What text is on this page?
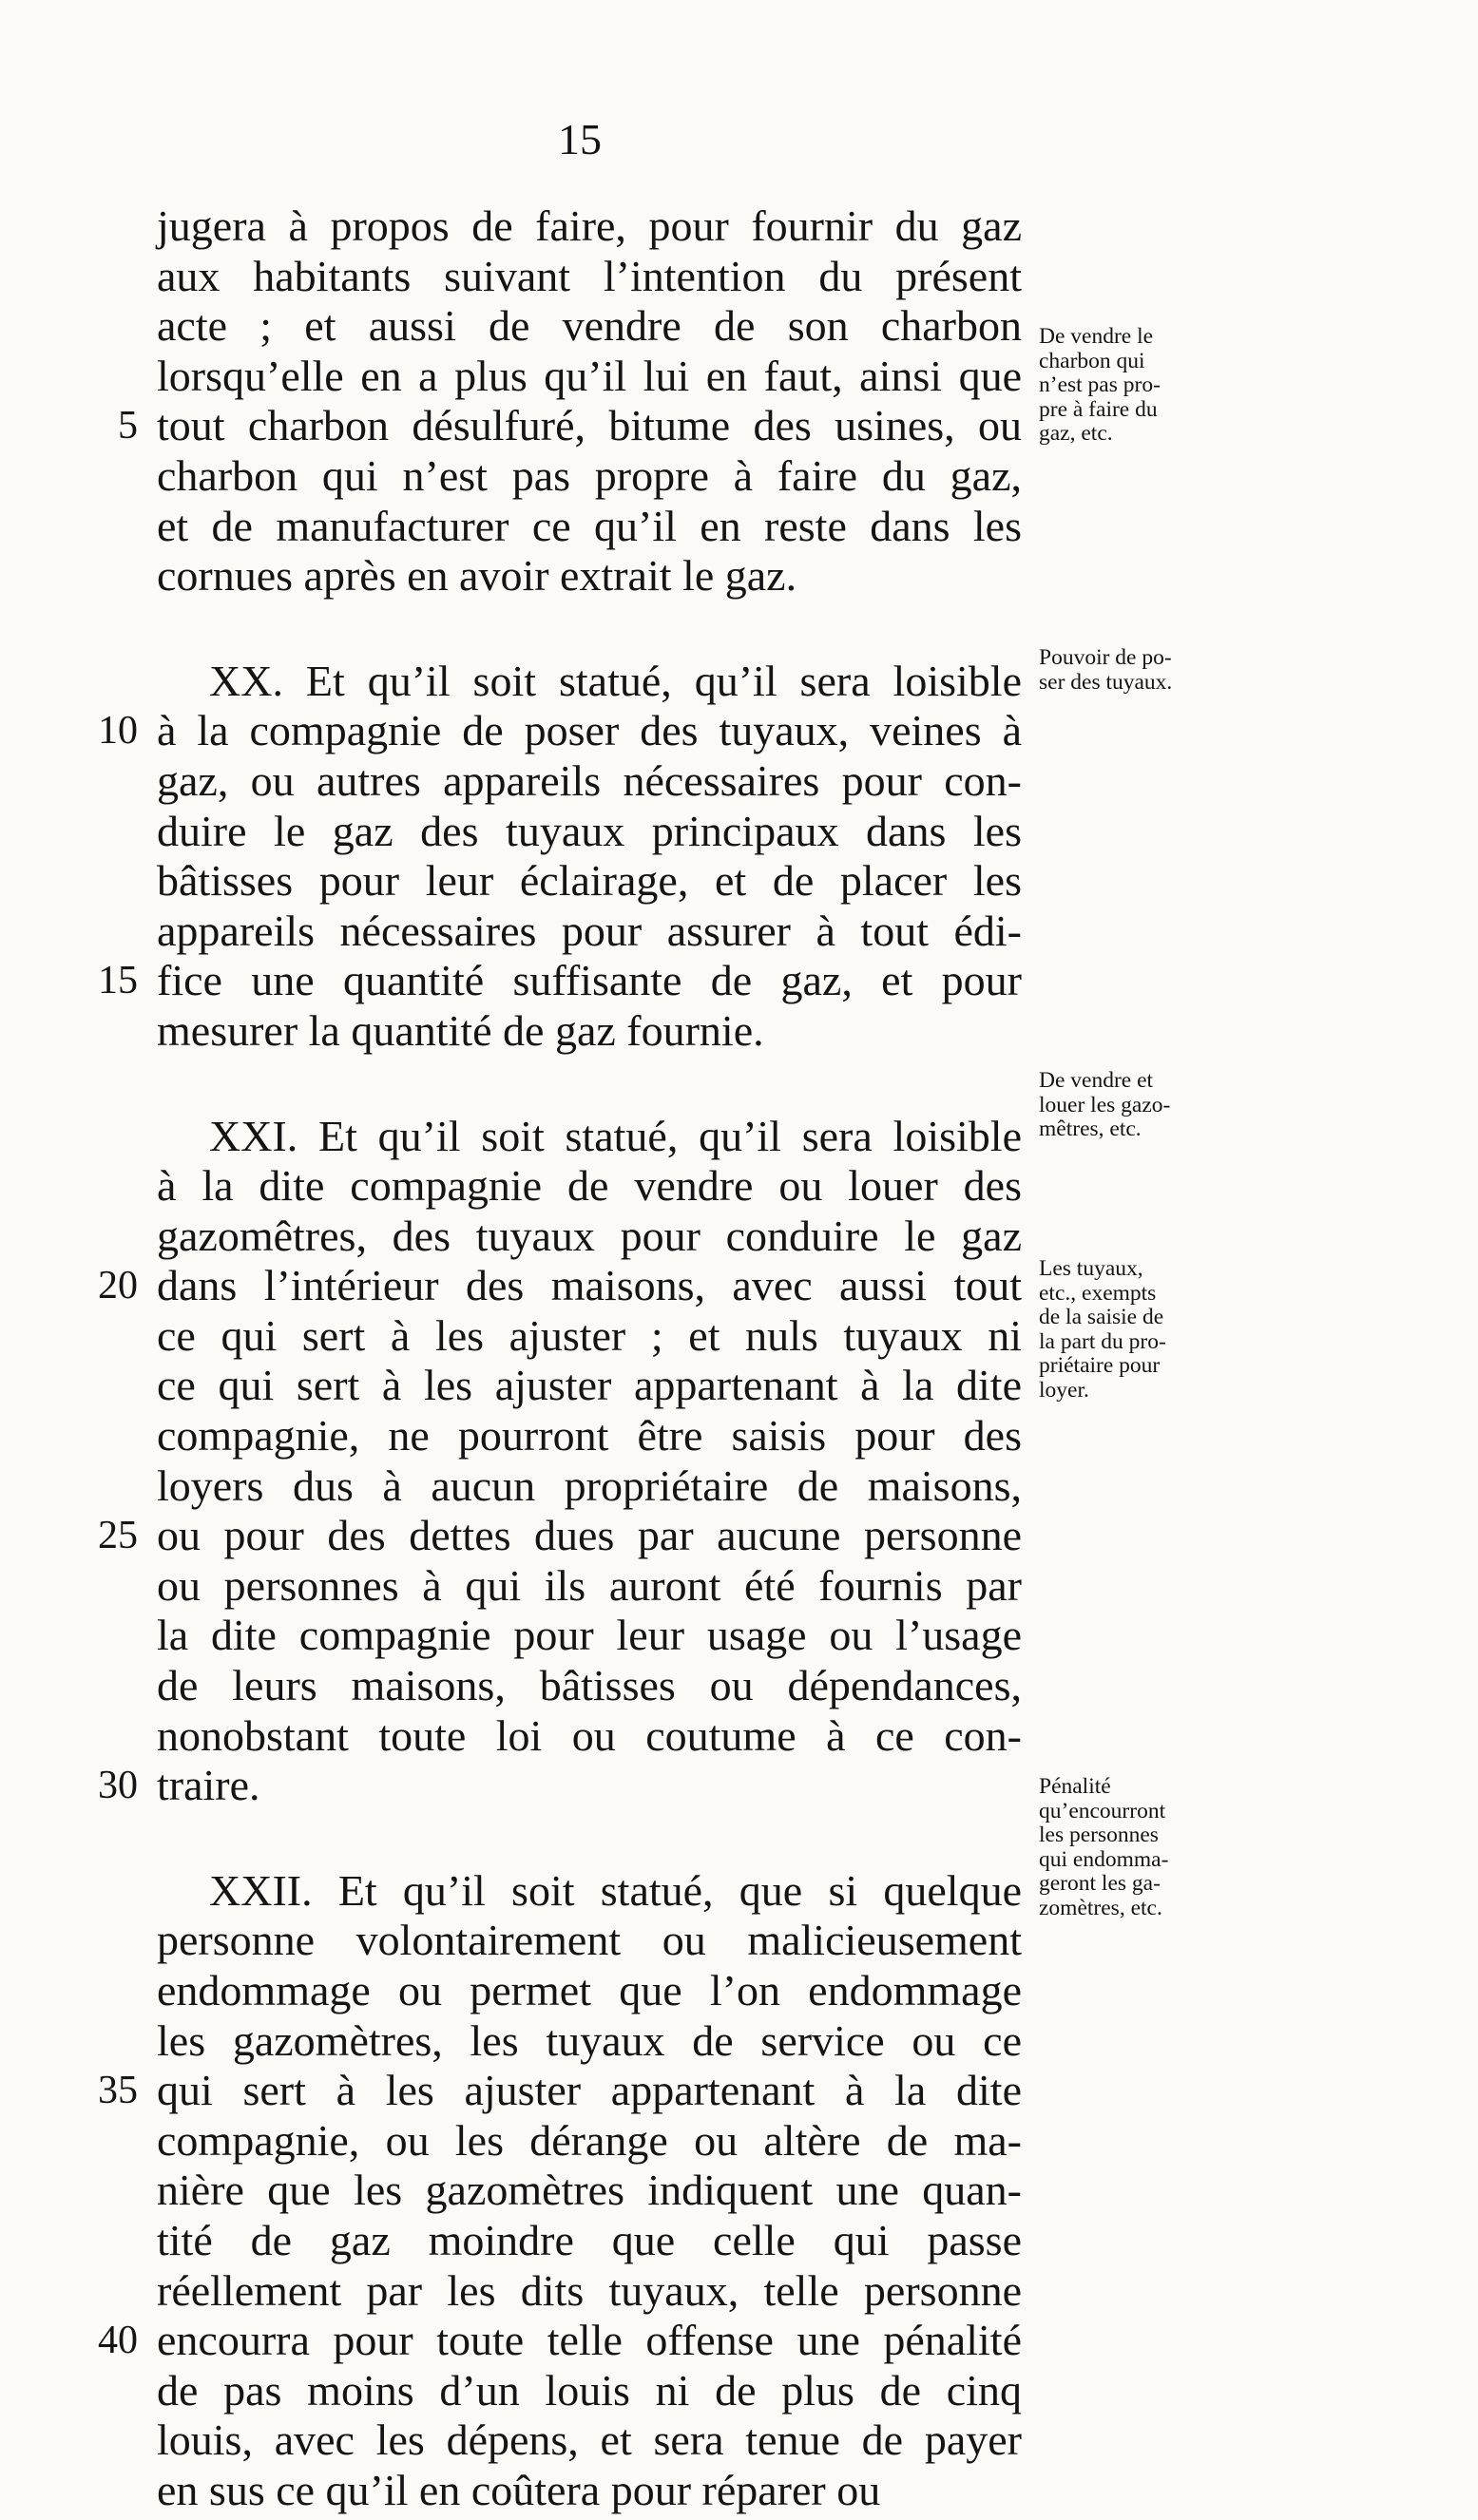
15
jugera à propos de faire, pour fournir du gaz
aux habitants suivant l’intention du présent
acte ; et aussi de vendre de son charbon
lorsqu’elle en a plus qu’il lui en faut, ainsi que
5 tout charbon désulfuré, bitume des usines, ou
charbon qui n’est pas propre à faire du gaz,
et de manufacturer ce qu’il en reste dans les
cornues après en avoir extrait le gaz.
XX. Et qu’il soit statué, qu’il sera loisible
10 à la compagnie de poser des tuyaux, veines à
gaz, ou autres appareils nécessaires pour con-
duire le gaz des tuyaux principaux dans les
bâtisses pour leur éclairage, et de placer les
appareils nécessaires pour assurer à tout édi-
15 fice une quantité suffisante de gaz, et pour
mesurer la quantité de gaz fournie.
XXI. Et qu’il soit statué, qu’il sera loisible
à la dite compagnie de vendre ou louer des
gazomêtres, des tuyaux pour conduire le gaz
20 dans l’intérieur des maisons, avec aussi tout
ce qui sert à les ajuster ; et nuls tuyaux ni
ce qui sert à les ajuster appartenant à la dite
compagnie, ne pourront être saisis pour des
loyers dus à aucun propriétaire de maisons,
25 ou pour des dettes dues par aucune personne
ou personnes à qui ils auront été fournis par
la dite compagnie pour leur usage ou l’usage
de leurs maisons, bâtisses ou dépendances,
nonobstant toute loi ou coutume à ce con-
30 traire.
XXII. Et qu’il soit statué, que si quelque
personne volontairement ou malicieusement
endommage ou permet que l’on endommage
les gazomètres, les tuyaux de service ou ce
35 qui sert à les ajuster appartenant à la dite
compagnie, ou les dérange ou altère de ma-
nière que les gazomètres indiquent une quan-
tité de gaz moindre que celle qui passe
réellement par les dits tuyaux, telle personne
40 encourra pour toute telle offense une pénalité
de pas moins d’un louis ni de plus de cinq
louis, avec les dépens, et sera tenue de payer
en sus ce qu’il en coûtera pour réparer ou
De vendre le
charbon qui
n’est pas pro-
pre à faire du
gaz, etc.
Pouvoir de po-
ser des tuyaux.
De vendre et
louer les gazo-
mêtres, etc.
Les tuyaux,
etc., exempts
de la saisie de
la part du pro-
priétaire pour
loyer.
Pénalité
qu’encourront
les personnes
qui endomma-
geront les ga-
zomètres, etc.
